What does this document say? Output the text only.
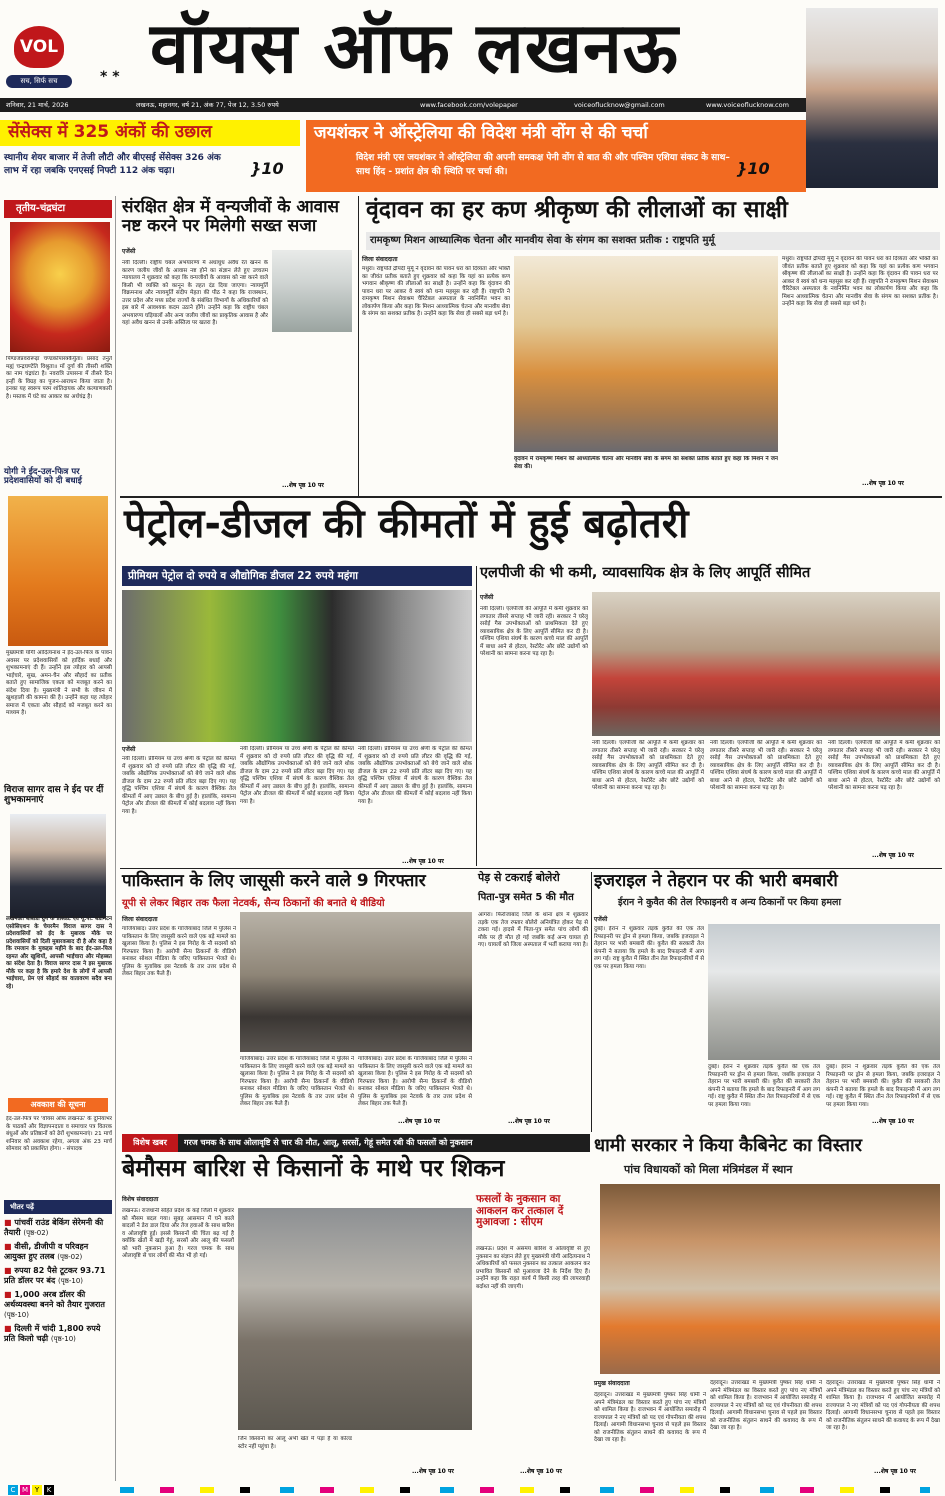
VOL
सच, सिर्फ सच	* * वॉयस ऑफ लखनऊ
शनिवार, 21 मार्च, 2026	लखनऊ, महानगर, वर्ष 21, अंक 77, पेज 12, 3.50 रुपये	www.facebook.com/volepaper	voiceoflucknow@gmail.com	www.voiceoflucknow.com
सेंसेक्स में 325 अंकों की उछाल
स्थानीय शेयर बाजार में तेजी लौटी और बीएसई सेंसेक्स 326 अंक लाभ में रहा जबकि एनएसई निफ्टी 112 अंक चढ़ा।	}10
जयशंकर ने ऑस्ट्रेलिया की विदेश मंत्री वोंग से की चर्चा
विदेश मंत्री एस जयशंकर ने ऑस्ट्रेलिया की अपनी समकक्ष पेनी वोंग से बात की और पश्चिम एशिया संकट के साथ–साथ हिंद - प्रशांत क्षेत्र की स्थिति पर चर्चा की।	}10
तृतीय-चंद्रघंटा
पिण्डजप्रवरारूढ़ा चण्डकोपास्त्रकैर्युता। प्रसादं तनुते मह्यं चन्द्रघण्टेति विश्रुता॥ माँ दुर्गा की तीसरी शक्ति का नाम चंद्रघंटा है। नवरात्रि उपासना में तीसरे दिन इन्हीं के विग्रह का पूजन-आराधन किया जाता है। इनका यह स्वरूप परम शांतिदायक और कल्याणकारी है। मस्तक में घंटे का आकार का अर्धचंद्र है।
योगी ने ईद-उल-फित्र पर प्रदेशवासियों को दी बधाई
मुख्यमंत्री योगी आदित्यनाथ ने ईद-उल-फित्र के पावन अवसर पर प्रदेशवासियों को हार्दिक बधाई और शुभकामनाएं दी हैं। उन्होंने इस त्योहार को आपसी भाईचारे, सुख, अमन-चैन और सौहार्द का प्रतीक बताते हुए सामाजिक एकता को मजबूत करने का संदेश दिया है। मुख्यमंत्री ने सभी के जीवन में खुशहाली की कामना की है। उन्होंने कहा यह त्योहार समाज में एकता और सौहार्द को मजबूत करने का माध्यम है।
विराज सागर दास ने ईद पर दीं शुभकामनाएं
लखनऊ। बीबीडी ग्रुप के प्रेसिडेंट एवं यू.पी. बैडमिंटन एसोसिएशन के चेयरमैन विराज सागर दास ने प्रदेशवासियों को ईद के मुबारक मौके पर प्रदेशवासियों को दिली मुबारकबाद दी है और कहा है कि रमजान के मुकद्दस महीने के बाद ईद-उल-फित्र रहमत और खुशियों, आपसी भाईचारा और मोहब्बत का संदेश देता है। विराज सागर दास ने इस मुबारक मौके पर कहा है कि हमारे देश के लोगों में आपसी भाईचारा, प्रेम एवं सौहार्द का वातावरण सदैव बना रहे।
अवकाश की सूचना
ईद-उल-फित्र पर 'वॉयस ऑफ लखनऊ' के दुनियाभर के पाठकों और विज्ञापनदाता व समाचार पत्र वितरक बंधुओं और प्रतिष्ठानों को ढेरों शुभकामनाएं। 21 मार्च शनिवार को अवकाश रहेगा, अगला अंक 23 मार्च सोमवार को प्रकाशित होगा। - संपादक
भीतर पढ़ें
■ पांचवीं राउंड बेकिंग सेरेमनी की तैयारी (पृष्ठ-02)
■ वीसी, डीजीपी व परिवहन आयुक्त हुए तलब (पृष्ठ-02)
■ रुपया 82 पैसे टूटकर 93.71 प्रति डॉलर पर बंद (पृष्ठ-10)
■ 1,000 अरब डॉलर की अर्थव्यवस्था बनने को तैयार गुजरात (पृष्ठ-10)
■ दिल्ली में चांदी 1,800 रुपये प्रति किलो चढ़ी (पृष्ठ-10)
संरक्षित क्षेत्र में वन्यजीवों के आवास नष्ट करने पर मिलेगी सख्त सजा
एजेंसी
नयी दिल्ली। राष्ट्रीय चंबल अभयारण्य में अंधाधुंध अवैध रेत खनन के कारण जलीय जीवों के आवास नष्ट होने का संज्ञान लेते हुए उच्चतम न्यायालय ने शुक्रवार को कहा कि वन्यजीवों के आवास को नष्ट करने वाले किसी भी व्यक्ति को कानून के तहत दंड दिया जाएगा। न्यायमूर्ति विक्रमनाथ और न्यायमूर्ति संदीप मेहता की पीठ ने कहा कि राजस्थान, उत्तर प्रदेश और मध्य प्रदेश राज्यों के संबंधित विभागों के अधिकारियों को इस बारे में आवश्यक कदम उठाने होंगे। उन्होंने कहा कि राष्ट्रीय चंबल अभयारण्य घड़ियालों और अन्य जलीय जीवों का प्राकृतिक आवास है और यहां अवैध खनन से उनके अस्तित्व पर खतरा है।
...शेष पृष्ठ 10 पर
वृंदावन का हर कण श्रीकृष्ण की लीलाओं का साक्षी
रामकृष्ण मिशन आध्यात्मिक चेतना और मानवीय सेवा के संगम का सशक्त प्रतीक : राष्ट्रपति मुर्मू
जिला संवाददाता
मथुरा। राष्ट्रपति द्रौपदी मुर्मू ने वृंदावन की पावन धरा को दिव्यता और भक्ति का जीवंत प्रतीक बताते हुए शुक्रवार को कहा कि यहां का प्रत्येक कण भगवान श्रीकृष्ण की लीलाओं का साक्षी है। उन्होंने कहा कि वृंदावन की पावन धरा पर आकर वे स्वयं को धन्य महसूस कर रही हैं। राष्ट्रपति ने रामकृष्ण मिशन सेवाश्रम चैरिटेबल अस्पताल के नवनिर्मित भवन का लोकार्पण किया और कहा कि मिशन आध्यात्मिक चेतना और मानवीय सेवा के संगम का सशक्त प्रतीक है। उन्होंने कहा कि सेवा ही सबसे बड़ा धर्म है।
वृंदावन में रामकृष्ण मिशन को आध्यात्मिक चेतना और मानवीय सेवा के संगम का सशक्त प्रतीक बताते हुए कहा कि मिशन ने जन सेवा की।
मथुरा। राष्ट्रपति द्रौपदी मुर्मू ने वृंदावन की पावन धरा को दिव्यता और भक्ति का जीवंत प्रतीक बताते हुए शुक्रवार को कहा कि यहां का प्रत्येक कण भगवान श्रीकृष्ण की लीलाओं का साक्षी है। उन्होंने कहा कि वृंदावन की पावन धरा पर आकर वे स्वयं को धन्य महसूस कर रही हैं। राष्ट्रपति ने रामकृष्ण मिशन सेवाश्रम चैरिटेबल अस्पताल के नवनिर्मित भवन का लोकार्पण किया और कहा कि मिशन आध्यात्मिक चेतना और मानवीय सेवा के संगम का सशक्त प्रतीक है। उन्होंने कहा कि सेवा ही सबसे बड़ा धर्म है।
...शेष पृष्ठ 10 पर
पेट्रोल-डीजल की कीमतों में हुई बढ़ोतरी
प्रीमियम पेट्रोल दो रुपये व औद्योगिक डीजल 22 रुपये महंगा
एजेंसी
नयी दिल्ली। प्रीमियम या उच्च श्रेणी के पेट्रोल की कीमत में शुक्रवार को दो रुपये प्रति लीटर की वृद्धि की गई, जबकि औद्योगिक उपभोक्ताओं को बेचे जाने वाले थोक डीजल के दाम 22 रुपये प्रति लीटर बढ़ा दिए गए। यह वृद्धि पश्चिम एशिया में संघर्ष के कारण वैश्विक तेल कीमतों में आए उछाल के बीच हुई है। हालांकि, सामान्य पेट्रोल और डीजल की कीमतों में कोई बदलाव नहीं किया गया है।
नयी दिल्ली। प्रीमियम या उच्च श्रेणी के पेट्रोल की कीमत में शुक्रवार को दो रुपये प्रति लीटर की वृद्धि की गई, जबकि औद्योगिक उपभोक्ताओं को बेचे जाने वाले थोक डीजल के दाम 22 रुपये प्रति लीटर बढ़ा दिए गए। यह वृद्धि पश्चिम एशिया में संघर्ष के कारण वैश्विक तेल कीमतों में आए उछाल के बीच हुई है। हालांकि, सामान्य पेट्रोल और डीजल की कीमतों में कोई बदलाव नहीं किया गया है।
नयी दिल्ली। प्रीमियम या उच्च श्रेणी के पेट्रोल की कीमत में शुक्रवार को दो रुपये प्रति लीटर की वृद्धि की गई, जबकि औद्योगिक उपभोक्ताओं को बेचे जाने वाले थोक डीजल के दाम 22 रुपये प्रति लीटर बढ़ा दिए गए। यह वृद्धि पश्चिम एशिया में संघर्ष के कारण वैश्विक तेल कीमतों में आए उछाल के बीच हुई है। हालांकि, सामान्य पेट्रोल और डीजल की कीमतों में कोई बदलाव नहीं किया गया है।
...शेष पृष्ठ 10 पर
एलपीजी की भी कमी, व्यावसायिक क्षेत्र के लिए आपूर्ति सीमित
एजेंसी
नयी दिल्ली। एलपीजी की आपूर्ति में कमी शुक्रवार को लगातार तीसरे सप्ताह भी जारी रही। सरकार ने घरेलू रसोई गैस उपभोक्ताओं को प्राथमिकता देते हुए व्यावसायिक क्षेत्र के लिए आपूर्ति सीमित कर दी है। पश्चिम एशिया संघर्ष के कारण कच्चे माल की आपूर्ति में बाधा आने से होटल, रेस्टोरेंट और छोटे उद्योगों को परेशानी का सामना करना पड़ रहा है।
नयी दिल्ली। एलपीजी की आपूर्ति में कमी शुक्रवार को लगातार तीसरे सप्ताह भी जारी रही। सरकार ने घरेलू रसोई गैस उपभोक्ताओं को प्राथमिकता देते हुए व्यावसायिक क्षेत्र के लिए आपूर्ति सीमित कर दी है। पश्चिम एशिया संघर्ष के कारण कच्चे माल की आपूर्ति में बाधा आने से होटल, रेस्टोरेंट और छोटे उद्योगों को परेशानी का सामना करना पड़ रहा है।
नयी दिल्ली। एलपीजी की आपूर्ति में कमी शुक्रवार को लगातार तीसरे सप्ताह भी जारी रही। सरकार ने घरेलू रसोई गैस उपभोक्ताओं को प्राथमिकता देते हुए व्यावसायिक क्षेत्र के लिए आपूर्ति सीमित कर दी है। पश्चिम एशिया संघर्ष के कारण कच्चे माल की आपूर्ति में बाधा आने से होटल, रेस्टोरेंट और छोटे उद्योगों को परेशानी का सामना करना पड़ रहा है।
नयी दिल्ली। एलपीजी की आपूर्ति में कमी शुक्रवार को लगातार तीसरे सप्ताह भी जारी रही। सरकार ने घरेलू रसोई गैस उपभोक्ताओं को प्राथमिकता देते हुए व्यावसायिक क्षेत्र के लिए आपूर्ति सीमित कर दी है। पश्चिम एशिया संघर्ष के कारण कच्चे माल की आपूर्ति में बाधा आने से होटल, रेस्टोरेंट और छोटे उद्योगों को परेशानी का सामना करना पड़ रहा है।
...शेष पृष्ठ 10 पर
पाकिस्तान के लिए जासूसी करने वाले 9 गिरफ्तार
यूपी से लेकर बिहार तक फैला नेटवर्क, सैन्य ठिकानों की बनाते थे वीडियो
जिला संवाददाता
गाजियाबाद। उत्तर प्रदेश के गाजियाबाद जिले में पुलिस ने पाकिस्तान के लिए जासूसी करने वाले एक बड़े मामले का खुलासा किया है। पुलिस ने इस गिरोह के नौ सदस्यों को गिरफ्तार किया है। आरोपी सैन्य ठिकानों के वीडियो बनाकर सोशल मीडिया के जरिए पाकिस्तान भेजते थे। पुलिस के मुताबिक इस नेटवर्क के तार उत्तर प्रदेश से लेकर बिहार तक फैले हैं।
गाजियाबाद। उत्तर प्रदेश के गाजियाबाद जिले में पुलिस ने पाकिस्तान के लिए जासूसी करने वाले एक बड़े मामले का खुलासा किया है। पुलिस ने इस गिरोह के नौ सदस्यों को गिरफ्तार किया है। आरोपी सैन्य ठिकानों के वीडियो बनाकर सोशल मीडिया के जरिए पाकिस्तान भेजते थे। पुलिस के मुताबिक इस नेटवर्क के तार उत्तर प्रदेश से लेकर बिहार तक फैले हैं।
गाजियाबाद। उत्तर प्रदेश के गाजियाबाद जिले में पुलिस ने पाकिस्तान के लिए जासूसी करने वाले एक बड़े मामले का खुलासा किया है। पुलिस ने इस गिरोह के नौ सदस्यों को गिरफ्तार किया है। आरोपी सैन्य ठिकानों के वीडियो बनाकर सोशल मीडिया के जरिए पाकिस्तान भेजते थे। पुलिस के मुताबिक इस नेटवर्क के तार उत्तर प्रदेश से लेकर बिहार तक फैले हैं।
...शेष पृष्ठ 10 पर
पेड़ से टकराई बोलेरो
पिता-पुत्र समेत 5 की मौत
आगरा। फिरोजाबाद जिले के थाना क्षेत्र में शुक्रवार तड़के एक तेज रफ्तार बोलेरो अनियंत्रित होकर पेड़ से टकरा गई। हादसे में पिता-पुत्र समेत पांच लोगों की मौके पर ही मौत हो गई जबकि कई अन्य घायल हो गए। घायलों को जिला अस्पताल में भर्ती कराया गया है।
...शेष पृष्ठ 10 पर
इजराइल ने तेहरान पर की भारी बमबारी
ईरान ने कुवैत की तेल रिफाइनरी व अन्य ठिकानों पर किया हमला
एजेंसी
दुबई। ईरान ने शुक्रवार तड़के कुवैत की एक तेल रिफाइनरी पर ड्रोन से हमला किया, जबकि इजराइल ने तेहरान पर भारी बमबारी की। कुवैत की सरकारी तेल कंपनी ने बताया कि हमले के बाद रिफाइनरी में आग लग गई। राष्ट्र कुवैत में स्थित तीन तेल रिफाइनरियों में से एक पर हमला किया गया।
दुबई। ईरान ने शुक्रवार तड़के कुवैत की एक तेल रिफाइनरी पर ड्रोन से हमला किया, जबकि इजराइल ने तेहरान पर भारी बमबारी की। कुवैत की सरकारी तेल कंपनी ने बताया कि हमले के बाद रिफाइनरी में आग लग गई। राष्ट्र कुवैत में स्थित तीन तेल रिफाइनरियों में से एक पर हमला किया गया।
दुबई। ईरान ने शुक्रवार तड़के कुवैत की एक तेल रिफाइनरी पर ड्रोन से हमला किया, जबकि इजराइल ने तेहरान पर भारी बमबारी की। कुवैत की सरकारी तेल कंपनी ने बताया कि हमले के बाद रिफाइनरी में आग लग गई। राष्ट्र कुवैत में स्थित तीन तेल रिफाइनरियों में से एक पर हमला किया गया।
...शेष पृष्ठ 10 पर
विशेष खबर	गरज चमक के साथ ओलावृष्टि से चार की मौत, आलू, सरसों, गेहूं समेत रबी की फसलों को नुकसान
बेमौसम बारिश से किसानों के माथे पर शिकन
विशेष संवाददाता
लखनऊ। राजधानी सहित प्रदेश के कई जिलों में शुक्रवार को मौसम बदल गया। सुबह आसमान में घने काले बादलों ने डेरा डाल दिया और तेज हवाओं के साथ बारिश व ओलावृष्टि हुई। इससे किसानों की चिंता बढ़ गई है क्योंकि खेतों में खड़ी गेहूं, सरसों और आलू की फसलों को भारी नुकसान हुआ है। गरज चमक के साथ ओलावृष्टि से चार लोगों की मौत भी हो गई।
जिन किसानों का आलू अभी खेत में पड़ा है या कोल्ड स्टोर नहीं पहुंचा है।
फसलों के नुकसान का आकलन कर तत्काल दें मुआवजा : सीएम
लखनऊ। प्रदेश में असमय बारिश व ओलावृष्टि से हुए नुकसान का संज्ञान लेते हुए मुख्यमंत्री योगी आदित्यनाथ ने अधिकारियों को फसल नुकसान का तत्काल आकलन कर प्रभावित किसानों को मुआवजा देने के निर्देश दिए हैं। उन्होंने कहा कि राहत कार्य में किसी तरह की लापरवाही बर्दाश्त नहीं की जाएगी।
...शेष पृष्ठ 10 पर
...शेष पृष्ठ 10 पर
धामी सरकार ने किया कैबिनेट का विस्तार
पांच विधायकों को मिला मंत्रिमंडल में स्थान
प्रमुख संवाददाता
देहरादून। उत्तराखंड में मुख्यमंत्री पुष्कर सिंह धामी ने अपने मंत्रिमंडल का विस्तार करते हुए पांच नए मंत्रियों को शामिल किया है। राजभवन में आयोजित समारोह में राज्यपाल ने नए मंत्रियों को पद एवं गोपनीयता की शपथ दिलाई। आगामी विधानसभा चुनाव से पहले इस विस्तार को राजनीतिक संतुलन साधने की कवायद के रूप में देखा जा रहा है।
देहरादून। उत्तराखंड में मुख्यमंत्री पुष्कर सिंह धामी ने अपने मंत्रिमंडल का विस्तार करते हुए पांच नए मंत्रियों को शामिल किया है। राजभवन में आयोजित समारोह में राज्यपाल ने नए मंत्रियों को पद एवं गोपनीयता की शपथ दिलाई। आगामी विधानसभा चुनाव से पहले इस विस्तार को राजनीतिक संतुलन साधने की कवायद के रूप में देखा जा रहा है।
देहरादून। उत्तराखंड में मुख्यमंत्री पुष्कर सिंह धामी ने अपने मंत्रिमंडल का विस्तार करते हुए पांच नए मंत्रियों को शामिल किया है। राजभवन में आयोजित समारोह में राज्यपाल ने नए मंत्रियों को पद एवं गोपनीयता की शपथ दिलाई। आगामी विधानसभा चुनाव से पहले इस विस्तार को राजनीतिक संतुलन साधने की कवायद के रूप में देखा जा रहा है।
...शेष पृष्ठ 10 पर
C M Y	K
